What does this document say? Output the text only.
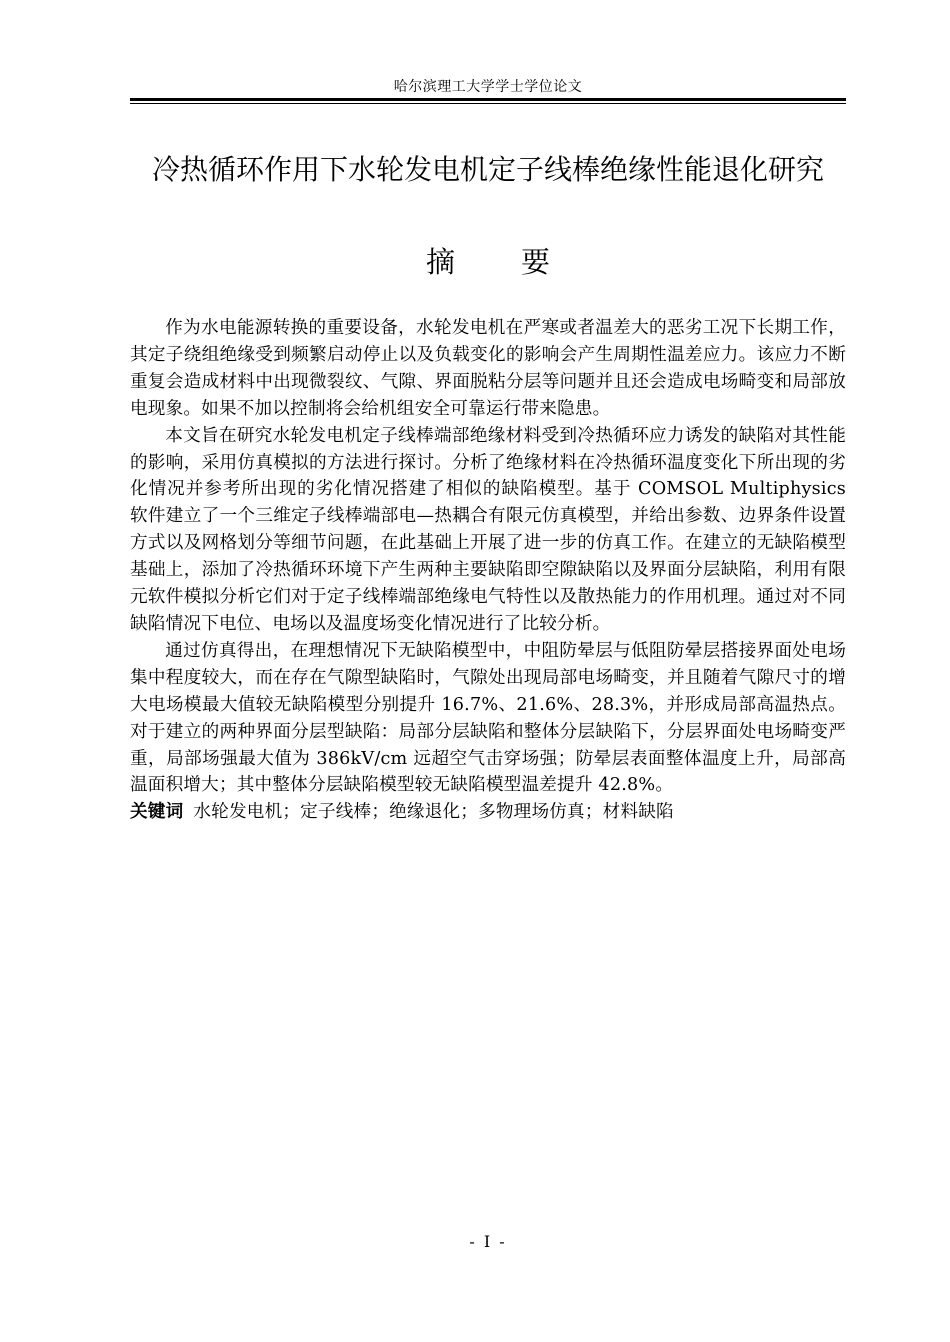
哈尔滨理工大学学士学位论文
冷热循环作用下水轮发电机定子线棒绝缘性能退化研究
摘 要

作为水电能源转换的重要设备，水轮发电机在严寒或者温差大的恶劣工况下长期工作，其定子绕组绝缘受到频繁启动停止以及负载变化的影响会产生周期性温差应力。该应力不断重复会造成材料中出现微裂纹、气隙、界面脱粘分层等问题并且还会造成电场畸变和局部放电现象。如果不加以控制将会给机组安全可靠运行带来隐患。

本文旨在研究水轮发电机定子线棒端部绝缘材料受到冷热循环应力诱发的缺陷对其性能的影响，采用仿真模拟的方法进行探讨。分析了绝缘材料在冷热循环温度变化下所出现的劣化情况并参考所出现的劣化情况搭建了相似的缺陷模型。基于 COMSOL Multiphysics 软件建立了一个三维定子线棒端部电—热耦合有限元仿真模型，并给出参数、边界条件设置方式以及网格划分等细节问题，在此基础上开展了进一步的仿真工作。在建立的无缺陷模型基础上，添加了冷热循环环境下产生两种主要缺陷即空隙缺陷以及界面分层缺陷，利用有限元软件模拟分析它们对于定子线棒端部绝缘电气特性以及散热能力的作用机理。通过对不同缺陷情况下电位、电场以及温度场变化情况进行了比较分析。

通过仿真得出，在理想情况下无缺陷模型中，中阻防晕层与低阻防晕层搭接界面处电场集中程度较大，而在存在气隙型缺陷时，气隙处出现局部电场畸变，并且随着气隙尺寸的增大电场模最大值较无缺陷模型分别提升 16.7%、21.6%、28.3%，并形成局部高温热点。对于建立的两种界面分层型缺陷：局部分层缺陷和整体分层缺陷下，分层界面处电场畸变严重，局部场强最大值为 386kV/cm 远超空气击穿场强；防晕层表面整体温度上升，局部高温面积增大；其中整体分层缺陷模型较无缺陷模型温差提升 42.8%。

关键词 水轮发电机；定子线棒；绝缘退化；多物理场仿真；材料缺陷
- I -
